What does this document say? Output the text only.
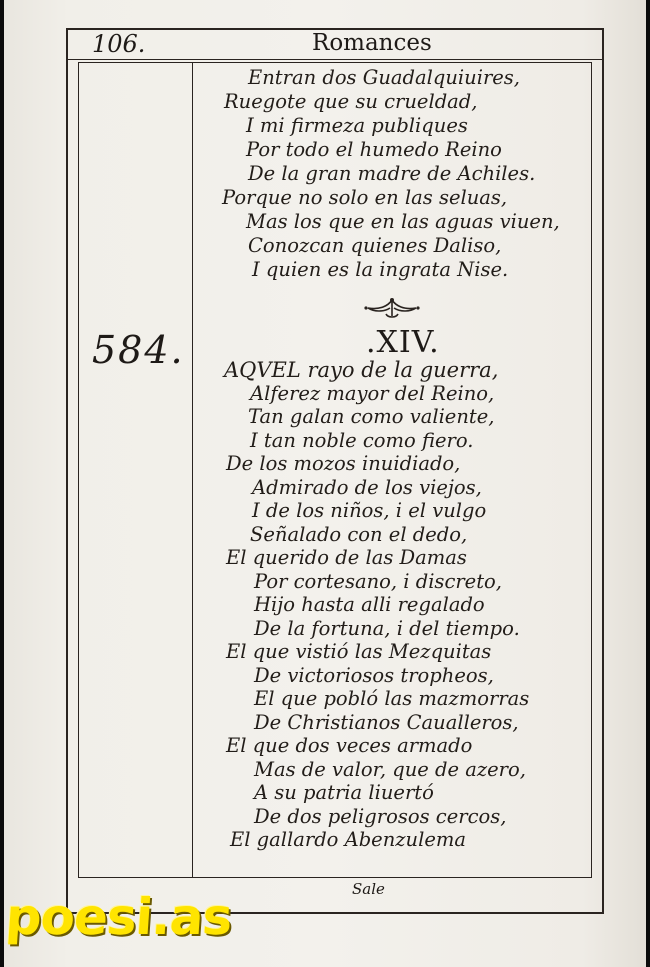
106.	Romances
584.
Entran dos Guadalquiuires,
Ruegote que su crueldad,
I mi firmeza publiques
Por todo el humedo Reino
De la gran madre de Achiles.
Porque no solo en las seluas,
Mas los que en las aguas viuen,
Conozcan quienes Daliso,
I quien es la ingrata Nise.
.XIV.
AQVEL rayo de la guerra,
Alferez mayor del Reino,
Tan galan como valiente,
I tan noble como fiero.
De los mozos inuidiado,
Admirado de los viejos,
I de los niños, i el vulgo
Señalado con el dedo,
El querido de las Damas
Por cortesano, i discreto,
Hijo hasta alli regalado
De la fortuna, i del tiempo.
El que vistió las Mezquitas
De victoriosos tropheos,
El que pobló las mazmorras
De Christianos Caualleros,
El que dos veces armado
Mas de valor, que de azero,
A su patria liuertó
De dos peligrosos cercos,
El gallardo Abenzulema
Sale
poesi.as
